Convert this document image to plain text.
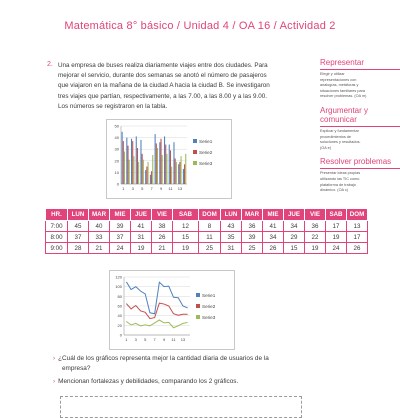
Matemática 8° básico / Unidad 4 / OA 16 / Actividad 2
2. Una empresa de buses realiza diariamente viajes entre dos ciudades. Para
mejorar el servicio, durante dos semanas se anotó el número de pasajeros
que viajaron en la mañana de la ciudad A hacia la ciudad B. Se investigaron
tres viajes que partían, respectivamente, a las 7.00, a las 8.00 y a las 9.00.
Los números se registraron en la tabla.
Representar
Elegir y utilizar
representaciones con
analogías, metáforas y
situaciones familiares para
resolver problemas. (OA m)
Argumentar y comunicar
Explicar y fundamentar
procedimientos de
soluciones y resultados.
(OA e)
Resolver problemas
Presentar ideas propias
utilizando las TIC como
plataforma de trabajo
dinámico. (OA c)
0
10
20
30
40
50
1 3 5 7 9 11 13
Serie1
Serie2
Serie3
HR.	LUN	MAR	MIE	JUE	VIE	SAB	DOM	LUN	MAR	MIE	JUE	VIE	SAB	DOM
7:00	45	40	39	41	38	12	8	43	36	41	34	36	17	13
8:00	37	33	37	31	26	15	11	35	39	34	29	22	19	17
9:00	28	21	24	19	21	19	25	31	25	26	15	19	24	26
0
20
40
60
80
100
120
1 3 5 7 9 11 13
Serie1
Serie2
Serie3
› ¿Cuál de los gráficos representa mejor la cantidad diaria de usuarios de la
empresa?
› Mencionan fortalezas y debilidades, comparando los 2 gráficos.
